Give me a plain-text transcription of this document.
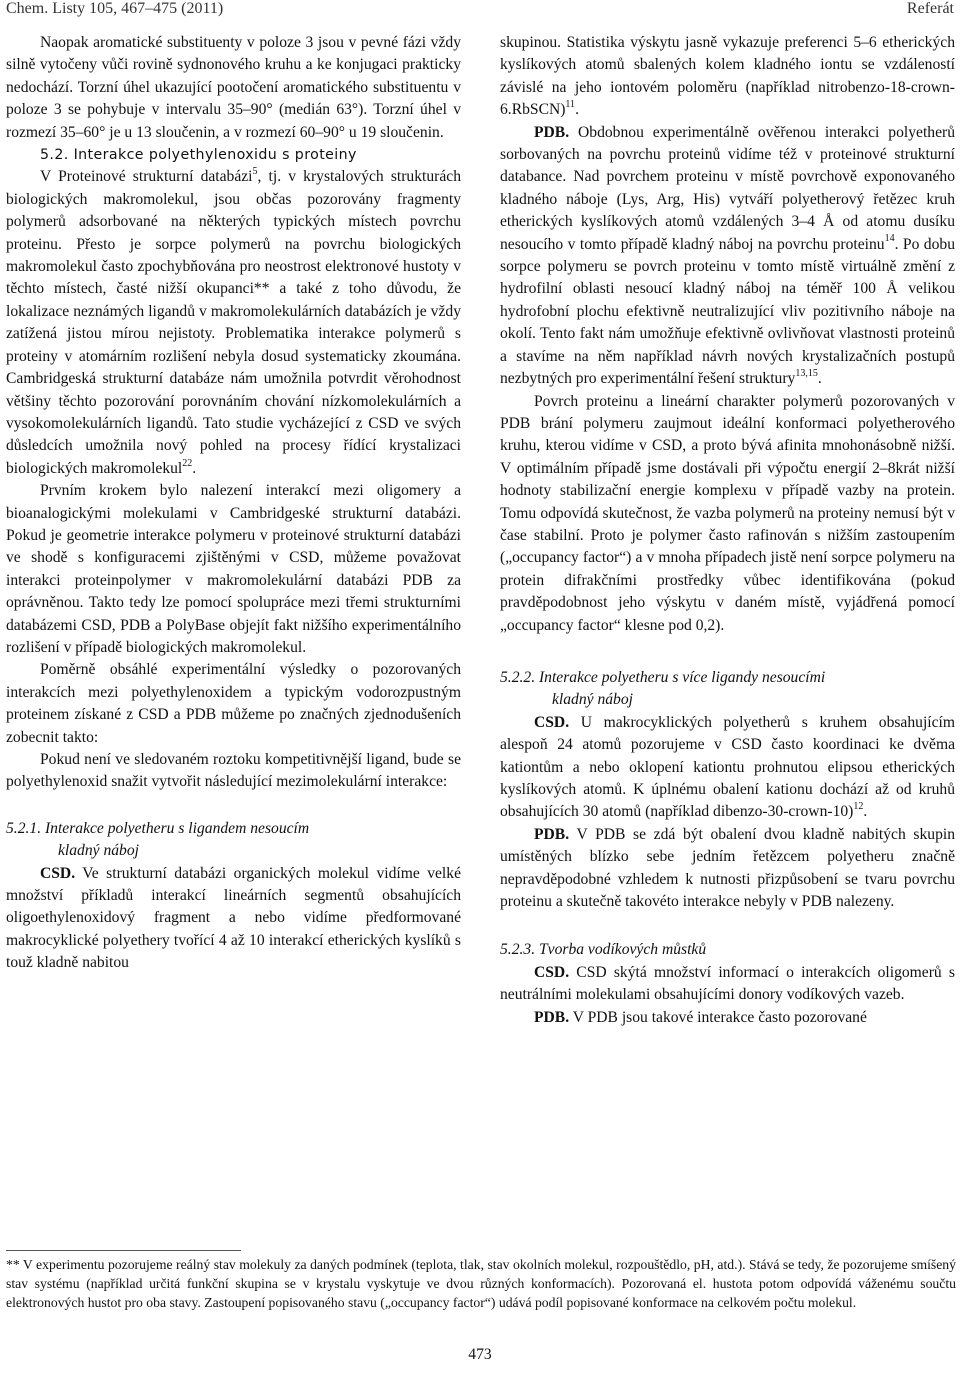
Chem. Listy 105, 467–475 (2011)	Referát

Naopak aromatické substituenty v poloze 3 jsou v pevné fázi vždy silně vytočeny vůči rovině sydnonového kruhu a ke konjugaci prakticky nedochází. Torzní úhel ukazující pootočení aromatického substituentu v poloze 3 se pohybuje v intervalu 35–90° (medián 63°). Torzní úhel v rozmezí 35–60° je u 13 sloučenin, a v rozmezí 60–90° u 19 sloučenin.

5.2. Interakce polyethylenoxidu s proteiny

V Proteinové strukturní databázi$^5$, tj. v krystalových strukturách biologických makromolekul, jsou občas pozorovány fragmenty polymerů adsorbované na některých typických místech povrchu proteinu. Přesto je sorpce polymerů na povrchu biologických makromolekul často zpochybňována pro neostrost elektronové hustoty v těchto místech, časté nižší okupanci** a také z toho důvodu, že lokalizace neznámých ligandů v makromolekulárních databázích je vždy zatížená jistou mírou nejistoty. Problematika interakce polymerů s proteiny v atomárním rozlišení nebyla dosud systematicky zkoumána. Cambridgeská strukturní databáze nám umožnila potvrdit věrohodnost většiny těchto pozorování porovnáním chování nízkomolekulárních a vysokomolekulárních ligandů. Tato studie vycházející z CSD ve svých důsledcích umožnila nový pohled na procesy řídící krystalizaci biologických makromolekul$^{22}$.

Prvním krokem bylo nalezení interakcí mezi oligomery a bioanalogickými molekulami v Cambridgeské strukturní databázi. Pokud je geometrie interakce polymeru v proteinové strukturní databázi ve shodě s konfiguracemi zjištěnými v CSD, můžeme považovat interakci proteinpolymer v makromolekulární databázi PDB za oprávněnou. Takto tedy lze pomocí spolupráce mezi třemi strukturními databázemi CSD, PDB a PolyBase objejít fakt nižšího experimentálního rozlišení v případě biologických makromolekul.

Poměrně obsáhlé experimentální výsledky o pozorovaných interakcích mezi polyethylenoxidem a typickým vodorozpustným proteinem získané z CSD a PDB můžeme po značných zjednodušeních zobecnit takto:

Pokud není ve sledovaném roztoku kompetitivnější ligand, bude se polyethylenoxid snažit vytvořit následující mezimolekulární interakce:

5.2.1. Interakce polyetheru s ligandem nesoucím
kladný náboj

CSD. Ve strukturní databázi organických molekul vidíme velké množství příkladů interakcí lineárních segmentů obsahujících oligoethylenoxidový fragment a nebo vidíme předformované makrocyklické polyethery tvořící 4 až 10 interakcí etherických kyslíků s touž kladně nabitou

skupinou. Statistika výskytu jasně vykazuje preferenci 5–6 etherických kyslíkových atomů sbalených kolem kladného iontu se vzdáleností závislé na jeho iontovém poloměru (například nitrobenzo-18-crown-6.RbSCN)$^{11}$.

PDB. Obdobnou experimentálně ověřenou interakci polyetherů sorbovaných na povrchu proteinů vidíme též v proteinové strukturní databance. Nad povrchem proteinu v místě povrchově exponovaného kladného náboje (Lys, Arg, His) vytváří polyetherový řetězec kruh etherických kyslíkových atomů vzdálených 3–4 Å od atomu dusíku nesoucího v tomto případě kladný náboj na povrchu proteinu$^{14}$. Po dobu sorpce polymeru se povrch proteinu v tomto místě virtuálně změní z hydrofilní oblasti nesoucí kladný náboj na téměř 100 Å velikou hydrofobní plochu efektivně neutralizující vliv pozitivního náboje na okolí. Tento fakt nám umožňuje efektivně ovlivňovat vlastnosti proteinů a stavíme na něm například návrh nových krystalizačních postupů nezbytných pro experimentální řešení struktury$^{13,15}$.

Povrch proteinu a lineární charakter polymerů pozorovaných v PDB brání polymeru zaujmout ideální konformaci polyetherového kruhu, kterou vidíme v CSD, a proto bývá afinita mnohonásobně nižší. V optimálním případě jsme dostávali při výpočtu energií 2–8krát nižší hodnoty stabilizační energie komplexu v případě vazby na protein. Tomu odpovídá skutečnost, že vazba polymerů na proteiny nemusí být v čase stabilní. Proto je polymer často rafinován s nižším zastoupením („occupancy factor“) a v mnoha případech jistě není sorpce polymeru na protein difrakčními prostředky vůbec identifikována (pokud pravděpodobnost jeho výskytu v daném místě, vyjádřená pomocí „occupancy factor“ klesne pod 0,2).

5.2.2. Interakce polyetheru s více ligandy nesoucími
kladný náboj

CSD. U makrocyklických polyetherů s kruhem obsahujícím alespoň 24 atomů pozorujeme v CSD často koordinaci ke dvěma kationtům a nebo oklopení kationtu prohnutou elipsou etherických kyslíkových atomů. K úplnému obalení kationu dochází až od kruhů obsahujících 30 atomů (například dibenzo-30-crown-10)$^{12}$.

PDB. V PDB se zdá být obalení dvou kladně nabitých skupin umístěných blízko sebe jedním řetězcem polyetheru značně nepravděpodobné vzhledem k nutnosti přizpůsobení se tvaru povrchu proteinu a skutečně takovéto interakce nebyly v PDB nalezeny.

5.2.3. Tvorba vodíkových můstků

CSD. CSD skýtá množství informací o interakcích oligomerů s neutrálními molekulami obsahujícími donory vodíkových vazeb.

PDB. V PDB jsou takové interakce často pozorované

** V experimentu pozorujeme reálný stav molekuly za daných podmínek (teplota, tlak, stav okolních molekul, rozpouštědlo, pH, atd.). Stává se tedy, že pozorujeme smíšený stav systému (například určitá funkční skupina se v krystalu vyskytuje ve dvou různých konformacích). Pozorovaná el. hustota potom odpovídá váženému součtu elektronových hustot pro oba stavy. Zastoupení popisovaného stavu („occupancy factor“) udává podíl popisované konformace na celkovém počtu molekul.
473
